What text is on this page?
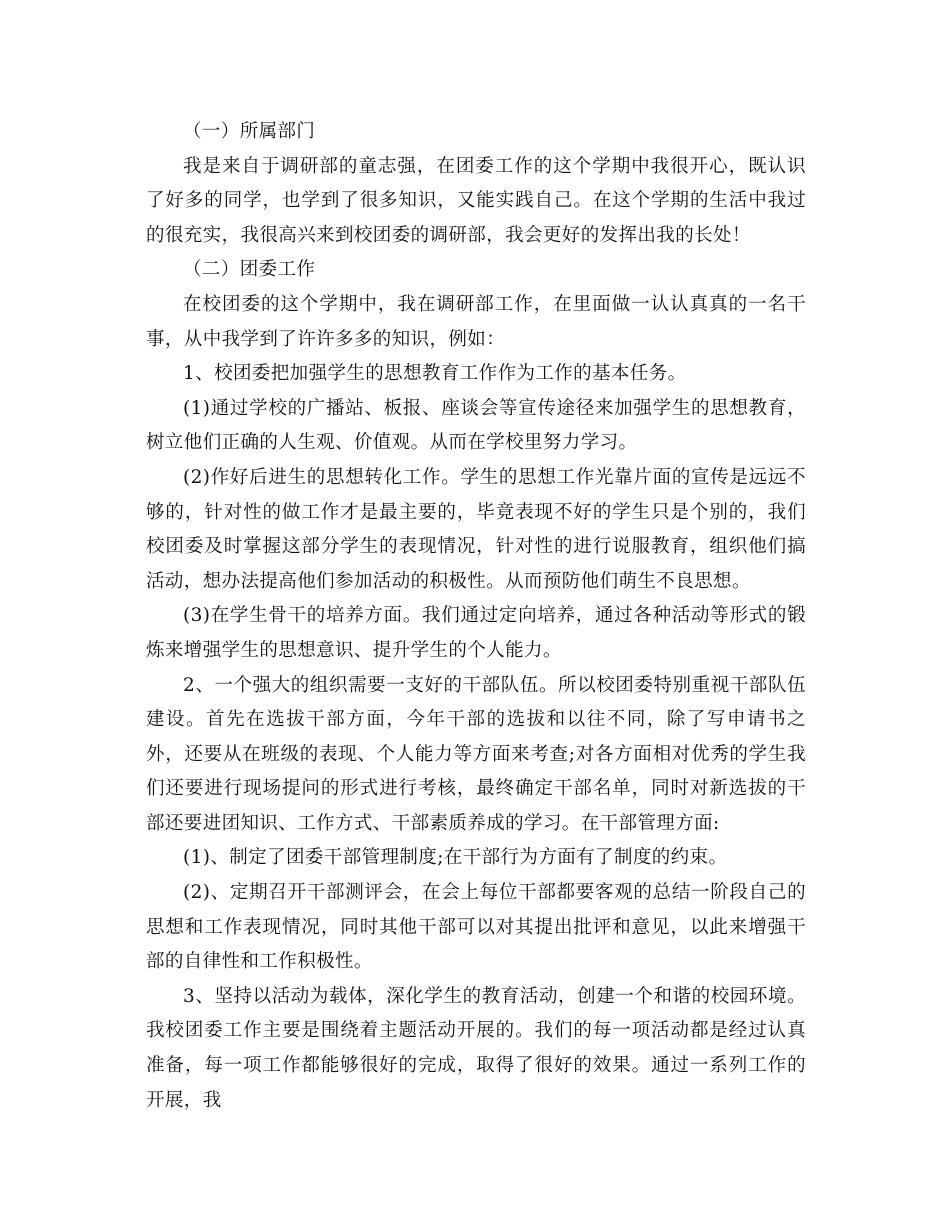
（一）所属部门

我是来自于调研部的童志强，在团委工作的这个学期中我很开心，既认识了好多的同学，也学到了很多知识，又能实践自己。在这个学期的生活中我过的很充实，我很高兴来到校团委的调研部，我会更好的发挥出我的长处！

（二）团委工作

在校团委的这个学期中，我在调研部工作，在里面做一认认真真的一名干事，从中我学到了许许多多的知识，例如：

1、校团委把加强学生的思想教育工作作为工作的基本任务。

(1)通过学校的广播站、板报、座谈会等宣传途径来加强学生的思想教育，树立他们正确的人生观、价值观。从而在学校里努力学习。

(2)作好后进生的思想转化工作。学生的思想工作光靠片面的宣传是远远不够的，针对性的做工作才是最主要的，毕竟表现不好的学生只是个别的，我们校团委及时掌握这部分学生的表现情况，针对性的进行说服教育，组织他们搞活动，想办法提高他们参加活动的积极性。从而预防他们萌生不良思想。

(3)在学生骨干的培养方面。我们通过定向培养，通过各种活动等形式的锻炼来增强学生的思想意识、提升学生的个人能力。

2、一个强大的组织需要一支好的干部队伍。所以校团委特别重视干部队伍建设。首先在选拔干部方面，今年干部的选拔和以往不同，除了写申请书之外，还要从在班级的表现、个人能力等方面来考查;对各方面相对优秀的学生我们还要进行现场提问的形式进行考核，最终确定干部名单，同时对新选拔的干部还要进团知识、工作方式、干部素质养成的学习。在干部管理方面:

(1)、制定了团委干部管理制度;在干部行为方面有了制度的约束。

(2)、定期召开干部测评会，在会上每位干部都要客观的总结一阶段自己的思想和工作表现情况，同时其他干部可以对其提出批评和意见，以此来增强干部的自律性和工作积极性。

3、坚持以活动为载体，深化学生的教育活动，创建一个和谐的校园环境。我校团委工作主要是围绕着主题活动开展的。我们的每一项活动都是经过认真准备，每一项工作都能够很好的完成，取得了很好的效果。通过一系列工作的开展，我
